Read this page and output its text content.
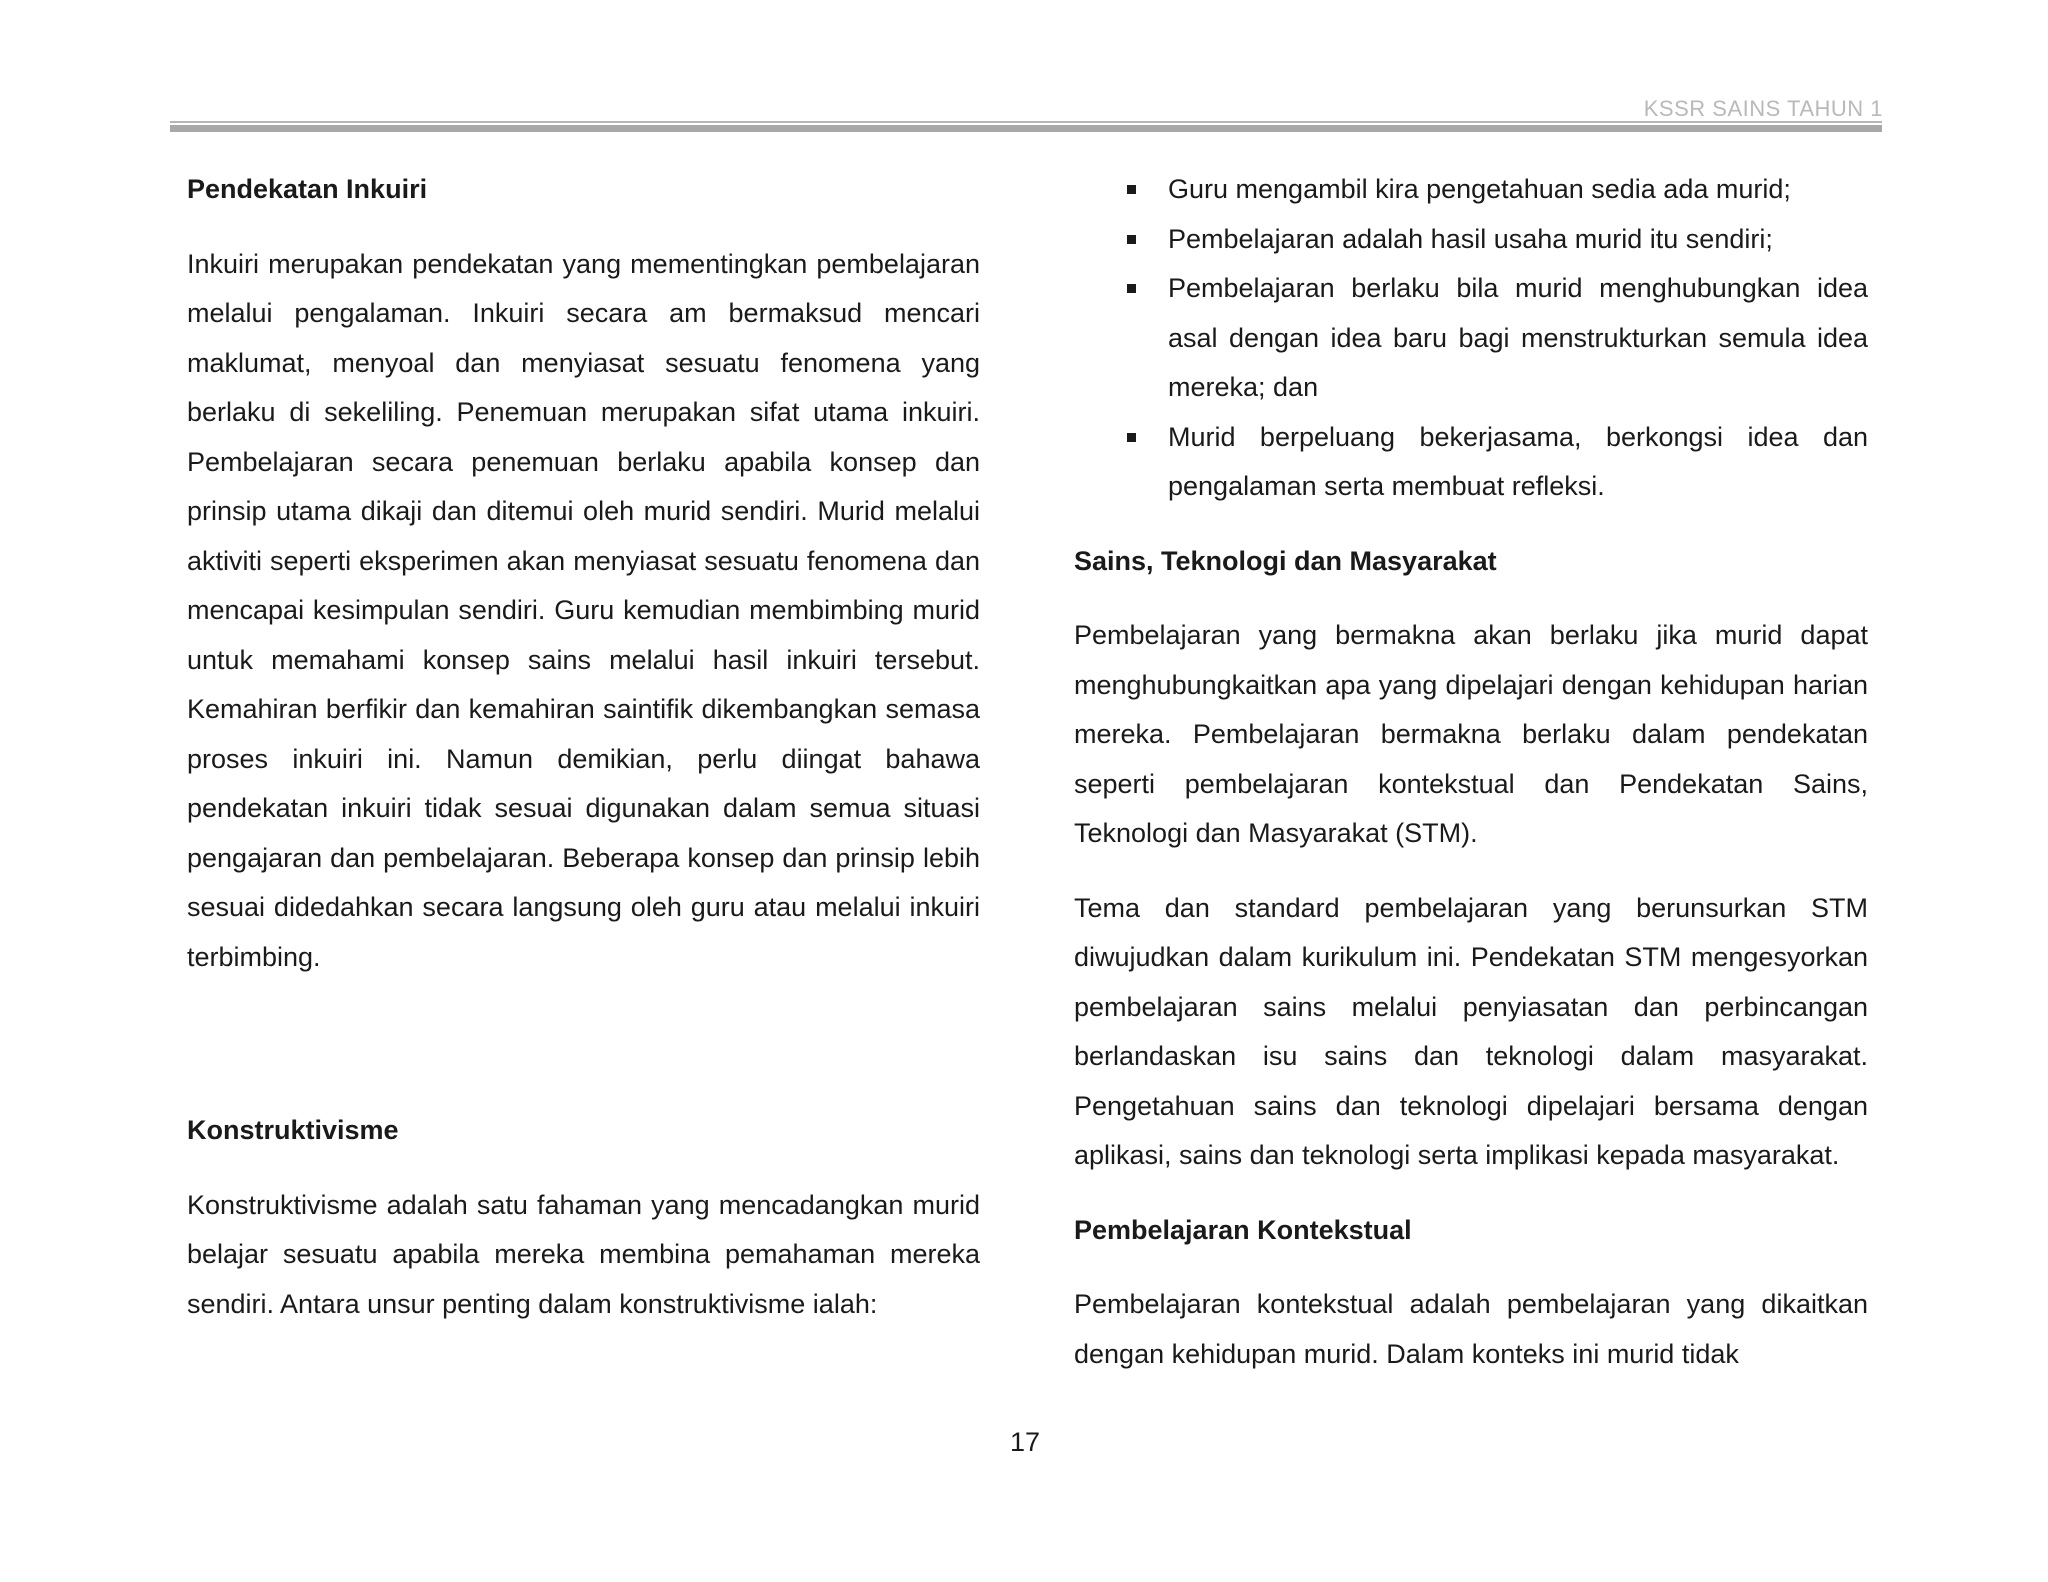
KSSR SAINS TAHUN 1

Pendekatan Inkuiri

Inkuiri merupakan pendekatan yang mementingkan pembelajaran melalui pengalaman. Inkuiri secara am bermaksud mencari maklumat, menyoal dan menyiasat sesuatu fenomena yang berlaku di sekeliling. Penemuan merupakan sifat utama inkuiri. Pembelajaran secara penemuan berlaku apabila konsep dan prinsip utama dikaji dan ditemui oleh murid sendiri. Murid melalui aktiviti seperti eksperimen akan menyiasat sesuatu fenomena dan mencapai kesimpulan sendiri. Guru kemudian membimbing murid untuk memahami konsep sains melalui hasil inkuiri tersebut. Kemahiran berfikir dan kemahiran saintifik dikembangkan semasa proses inkuiri ini. Namun demikian, perlu diingat bahawa pendekatan inkuiri tidak sesuai digunakan dalam semua situasi pengajaran dan pembelajaran. Beberapa konsep dan prinsip lebih sesuai didedahkan secara langsung oleh guru atau melalui inkuiri terbimbing.

Konstruktivisme

Konstruktivisme adalah satu fahaman yang mencadangkan murid belajar sesuatu apabila mereka membina pemahaman mereka sendiri. Antara unsur penting dalam konstruktivisme ialah:

Guru mengambil kira pengetahuan sedia ada murid;
Pembelajaran adalah hasil usaha murid itu sendiri;
Pembelajaran berlaku bila murid menghubungkan idea asal dengan idea baru bagi menstrukturkan semula idea mereka; dan
Murid berpeluang bekerjasama, berkongsi idea dan pengalaman serta membuat refleksi.

Sains, Teknologi dan Masyarakat

Pembelajaran yang bermakna akan berlaku jika murid dapat menghubungkaitkan apa yang dipelajari dengan kehidupan harian mereka. Pembelajaran bermakna berlaku dalam pendekatan seperti pembelajaran kontekstual dan Pendekatan Sains, Teknologi dan Masyarakat (STM).

Tema dan standard pembelajaran yang berunsurkan STM diwujudkan dalam kurikulum ini. Pendekatan STM mengesyorkan pembelajaran sains melalui penyiasatan dan perbincangan berlandaskan isu sains dan teknologi dalam masyarakat. Pengetahuan sains dan teknologi dipelajari bersama dengan aplikasi, sains dan teknologi serta implikasi kepada masyarakat.

Pembelajaran Kontekstual

Pembelajaran kontekstual adalah pembelajaran yang dikaitkan dengan kehidupan murid. Dalam konteks ini murid tidak

17
